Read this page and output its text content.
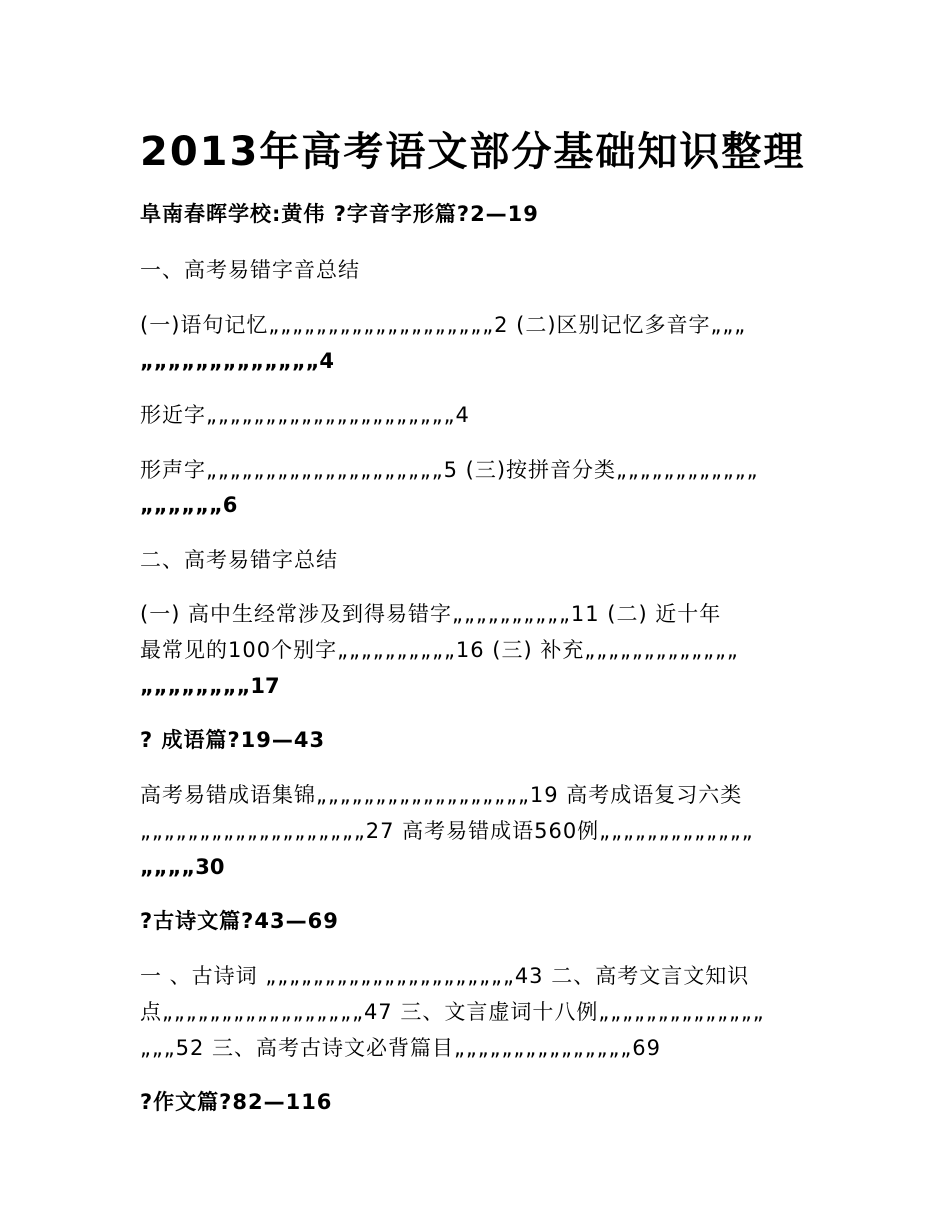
2013年高考语文部分基础知识整理
阜南春晖学校:黄伟 ?字音字形篇?2—19
一、高考易错字音总结
(一)语句记忆„„„„„„„„„„„„„„„„„„„2 (二)区别记忆多音字„„„
„„„„„„„„„„„„„4
形近字„„„„„„„„„„„„„„„„„„„„„4
形声字„„„„„„„„„„„„„„„„„„„„5 (三)按拼音分类„„„„„„„„„„„„
„„„„„„6
二、高考易错字总结
(一) 高中生经常涉及到得易错字„„„„„„„„„„11 (二) 近十年
最常见的100个别字„„„„„„„„„„16 (三) 补充„„„„„„„„„„„„„
„„„„„„„„17
? 成语篇?19—43
高考易错成语集锦„„„„„„„„„„„„„„„„„„19 高考成语复习六类
„„„„„„„„„„„„„„„„„„„27 高考易错成语560例„„„„„„„„„„„„„
„„„„30
?古诗文篇?43—69
一 、古诗词 „„„„„„„„„„„„„„„„„„„„„43 二、高考文言文知识
点„„„„„„„„„„„„„„„„„47 三、文言虚词十八例„„„„„„„„„„„„„„
„„„52 三、高考古诗文必背篇目„„„„„„„„„„„„„„„69
?作文篇?82—116
